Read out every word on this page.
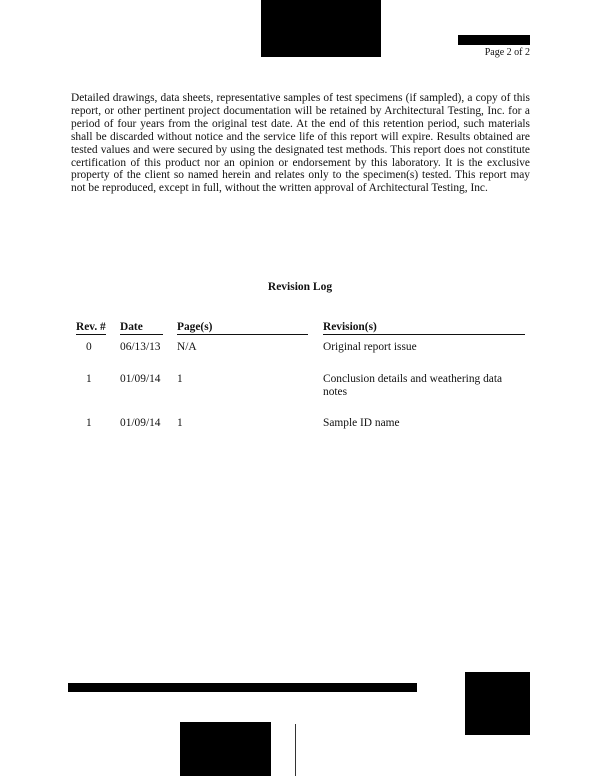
Page 2 of 2

Detailed drawings, data sheets, representative samples of test specimens (if sampled), a copy of this report, or other pertinent project documentation will be retained by Architectural Testing, Inc. for a period of four years from the original test date. At the end of this retention period, such materials shall be discarded without notice and the service life of this report will expire. Results obtained are tested values and were secured by using the designated test methods. This report does not constitute certification of this product nor an opinion or endorsement by this laboratory. It is the exclusive property of the client so named herein and relates only to the specimen(s) tested. This report may not be reproduced, except in full, without the written approval of Architectural Testing, Inc.

Revision Log
Rev. # Date	Page(s)	Revision(s)
0 06/13/13 N/A	Original report issue
1 01/09/14 1	Conclusion details and weathering data notes
1 01/09/14 1	Sample ID name
